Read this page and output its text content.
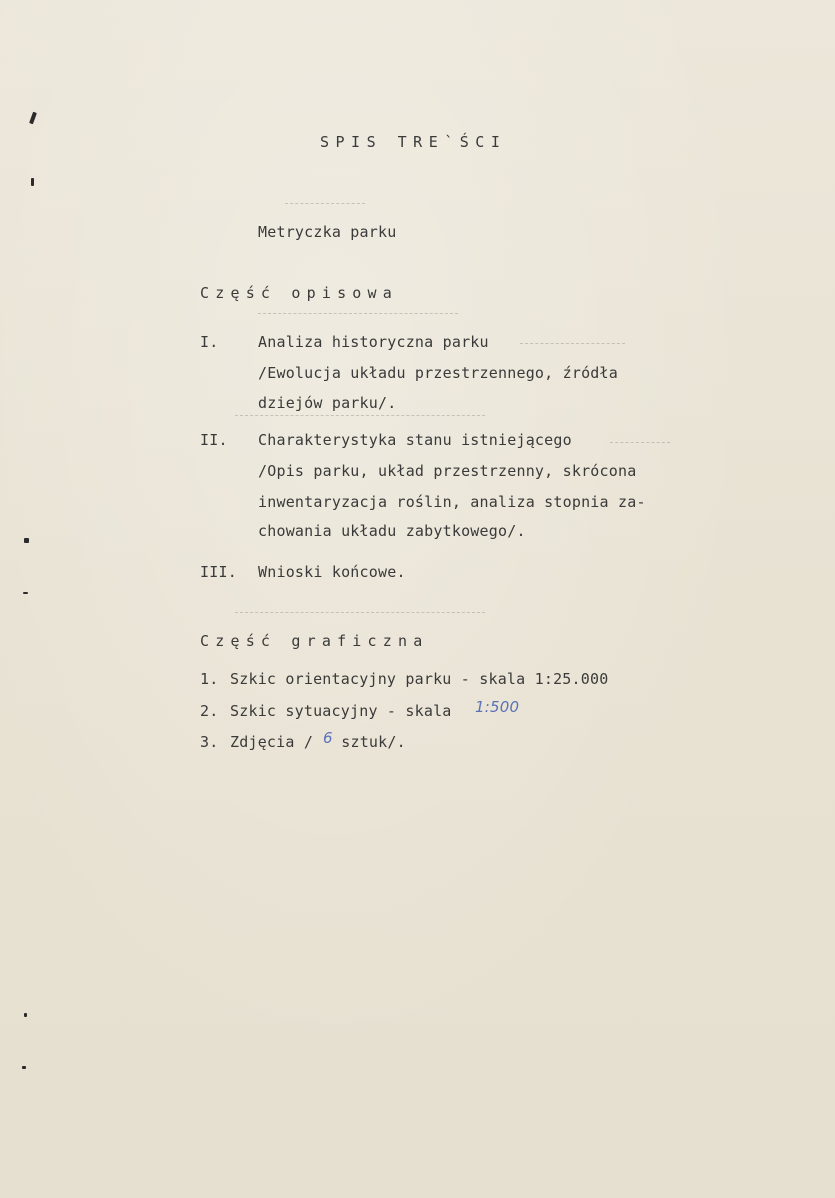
SPIS TRE`ŚCI
Metryczka parku
Część opisowa
I.	Analiza historyczna parku
/Ewolucja układu przestrzennego, źródła
dziejów parku/.
II. Charakterystyka stanu istniejącego
/Opis parku, układ przestrzenny, skrócona
inwentaryzacja roślin, analiza stopnia za-
chowania układu zabytkowego/.
III. Wnioski końcowe.
Część graficzna
1. Szkic orientacyjny parku - skala 1:25.000
2. Szkic sytuacyjny - skala 1:500
3. Zdjęcia / 6 sztuk/.
